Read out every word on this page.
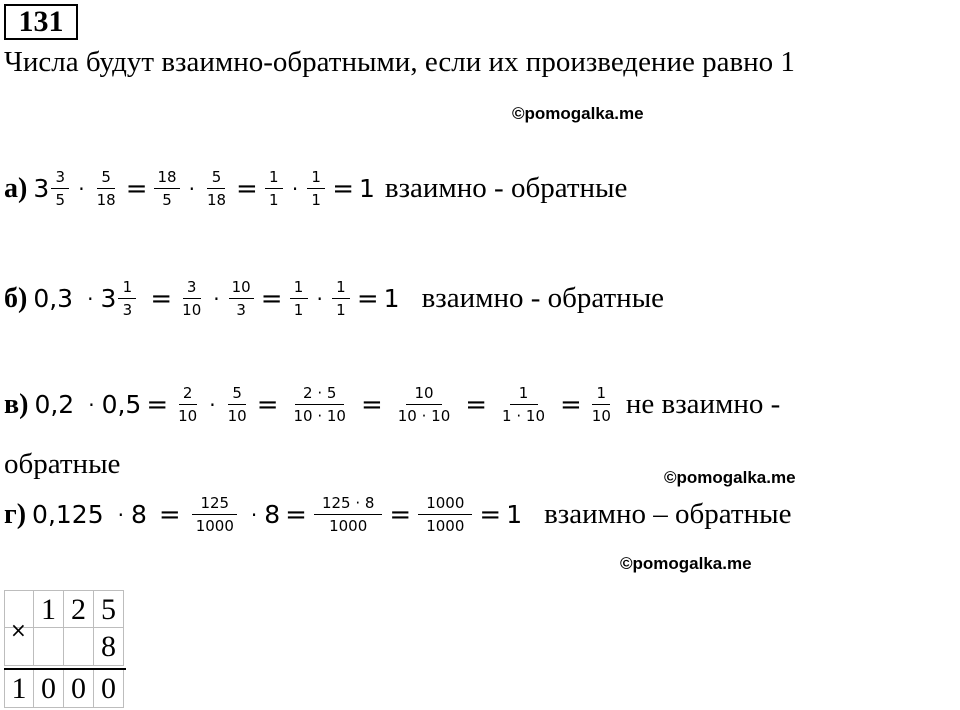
131
Числа будут взаимно-обратными, если их произведение равно 1
©pomogalka.me
©pomogalka.me
©pomogalka.me
а) $3 \frac{3}{5} \cdot \frac{5}{18} = \frac{18}{5} \cdot \frac{5}{18} = \frac{1}{1} \cdot \frac{1}{1} = 1$ взаимно - обратные
б) $0,3 \cdot 3 \frac{1}{3} = \frac{3}{10} \cdot \frac{10}{3} = \frac{1}{1} \cdot \frac{1}{1} = 1$ взаимно - обратные
в) $0,2 \cdot 0,5 = \frac{2}{10} \cdot \frac{5}{10} = \frac{2 \cdot 5}{10 \cdot 10} = \frac{10}{10 \cdot 10} = \frac{1}{1 \cdot 10} = \frac{1}{10}$ не взаимно -
обратные
г) $0,125 \cdot 8 = \frac{125}{1000} \cdot 8 = \frac{125 \cdot 8}{1000} = \frac{1000}{1000} = 1$ взаимно – обратные
1 2 5
8
1 0 0 0
×
